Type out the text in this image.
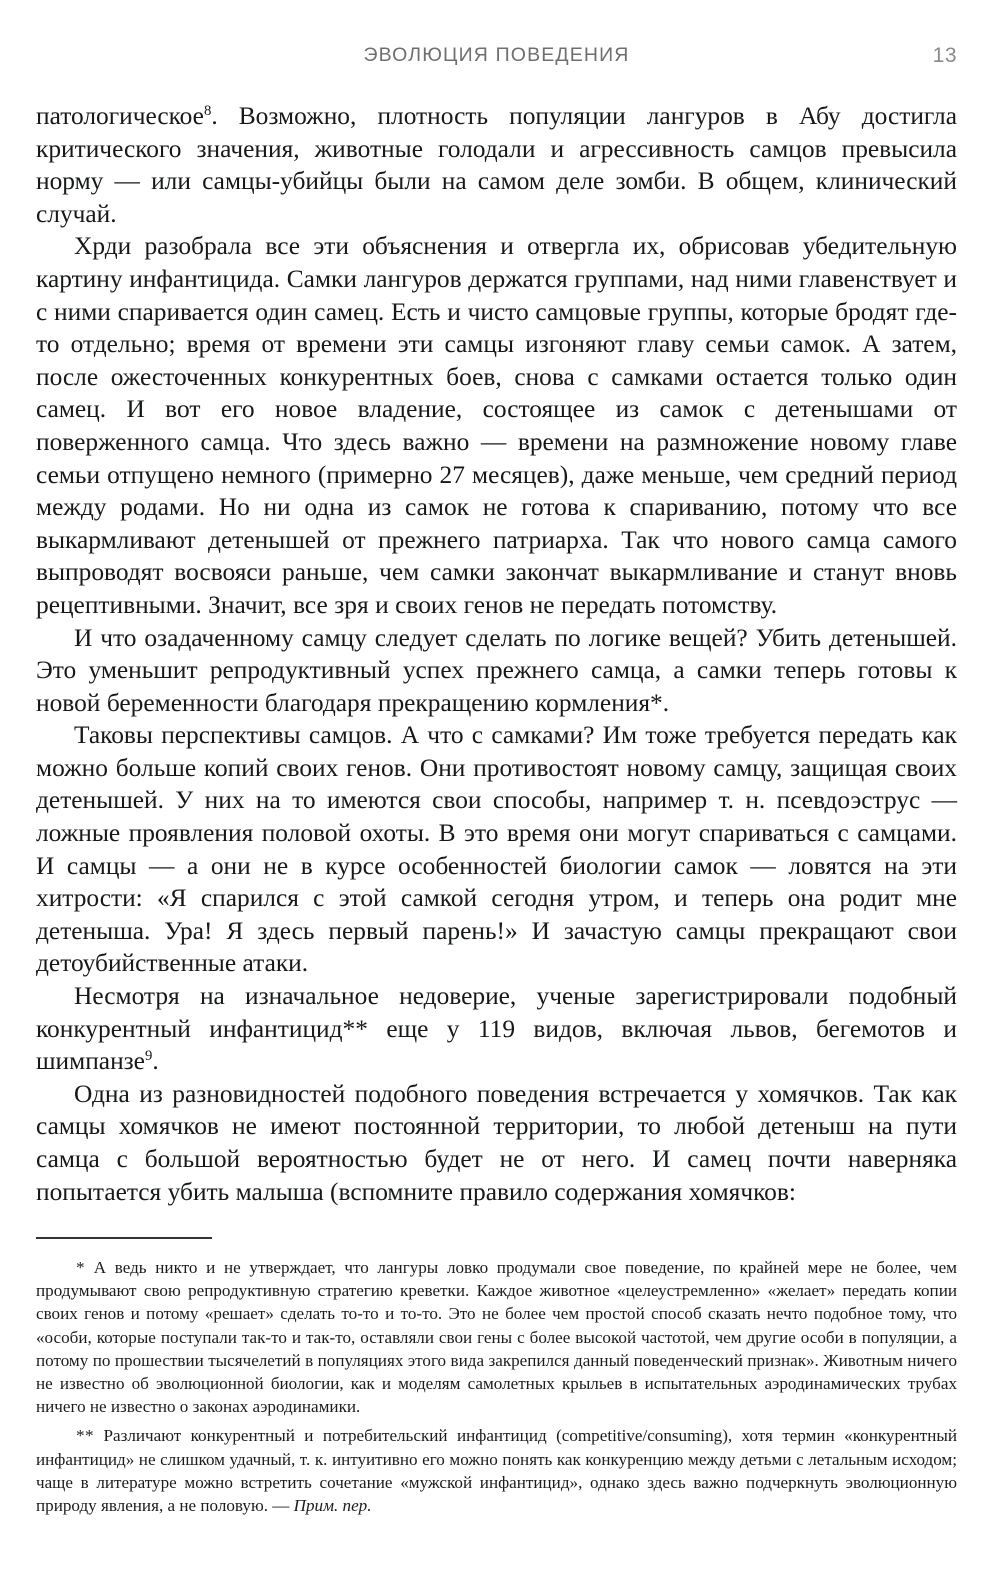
ЭВОЛЮЦИЯ ПОВЕДЕНИЯ	13

патологическое$^8$. Возможно, плотность популяции лангуров в Абу достигла критического значения, животные голодали и агрессивность самцов превысила норму — или самцы-убийцы были на самом деле зомби. В общем, клинический случай.

Хрди разобрала все эти объяснения и отвергла их, обрисовав убедительную картину инфантицида. Самки лангуров держатся группами, над ними главенствует и с ними спаривается один самец. Есть и чисто самцовые группы, которые бродят где-то отдельно; время от времени эти самцы изгоняют главу семьи самок. А затем, после ожесточенных конкурентных боев, снова с самками остается только один самец. И вот его новое владение, состоящее из самок с детенышами от поверженного самца. Что здесь важно — времени на размножение новому главе семьи отпущено немного (примерно 27 месяцев), даже меньше, чем средний период между родами. Но ни одна из самок не готова к спариванию, потому что все выкармливают детенышей от прежнего патриарха. Так что нового самца самого выпроводят восвояси раньше, чем самки закончат выкармливание и станут вновь рецептивными. Значит, все зря и своих генов не передать потомству.

И что озадаченному самцу следует сделать по логике вещей? Убить детенышей. Это уменьшит репродуктивный успех прежнего самца, а самки теперь готовы к новой беременности благодаря прекращению кормления*.

Таковы перспективы самцов. А что с самками? Им тоже требуется передать как можно больше копий своих генов. Они противостоят новому самцу, защищая своих детенышей. У них на то имеются свои способы, например т. н. псевдоэструс — ложные проявления половой охоты. В это время они могут спариваться с самцами. И самцы — а они не в курсе особенностей биологии самок — ловятся на эти хитрости: «Я спарился с этой самкой сегодня утром, и теперь она родит мне детеныша. Ура! Я здесь первый парень!» И зачастую самцы прекращают свои детоубийственные атаки.

Несмотря на изначальное недоверие, ученые зарегистрировали подобный конкурентный инфантицид** еще у 119 видов, включая львов, бегемотов и шимпанзе$^9$.

Одна из разновидностей подобного поведения встречается у хомячков. Так как самцы хомячков не имеют постоянной территории, то любой детеныш на пути самца с большой вероятностью будет не от него. И самец почти наверняка попытается убить малыша (вспомните правило содержания хомячков:

* А ведь никто и не утверждает, что лангуры ловко продумали свое поведение, по крайней мере не более, чем продумывают свою репродуктивную стратегию креветки. Каждое животное «целеустремленно» «желает» передать копии своих генов и потому «решает» сделать то-то и то-то. Это не более чем простой способ сказать нечто подобное тому, что «особи, которые поступали так-то и так-то, оставляли свои гены с более высокой частотой, чем другие особи в популяции, а потому по прошествии тысячелетий в популяциях этого вида закрепился данный поведенческий признак». Животным ничего не известно об эволюционной биологии, как и моделям самолетных крыльев в испытательных аэродинамических трубах ничего не известно о законах аэродинамики.

** Различают конкурентный и потребительский инфантицид (competitive/consuming), хотя термин «конкурентный инфантицид» не слишком удачный, т. к. интуитивно его можно понять как конкуренцию между детьми с летальным исходом; чаще в литературе можно встретить сочетание «мужской инфантицид», однако здесь важно подчеркнуть эволюционную природу явления, а не половую. — Прим. пер.
